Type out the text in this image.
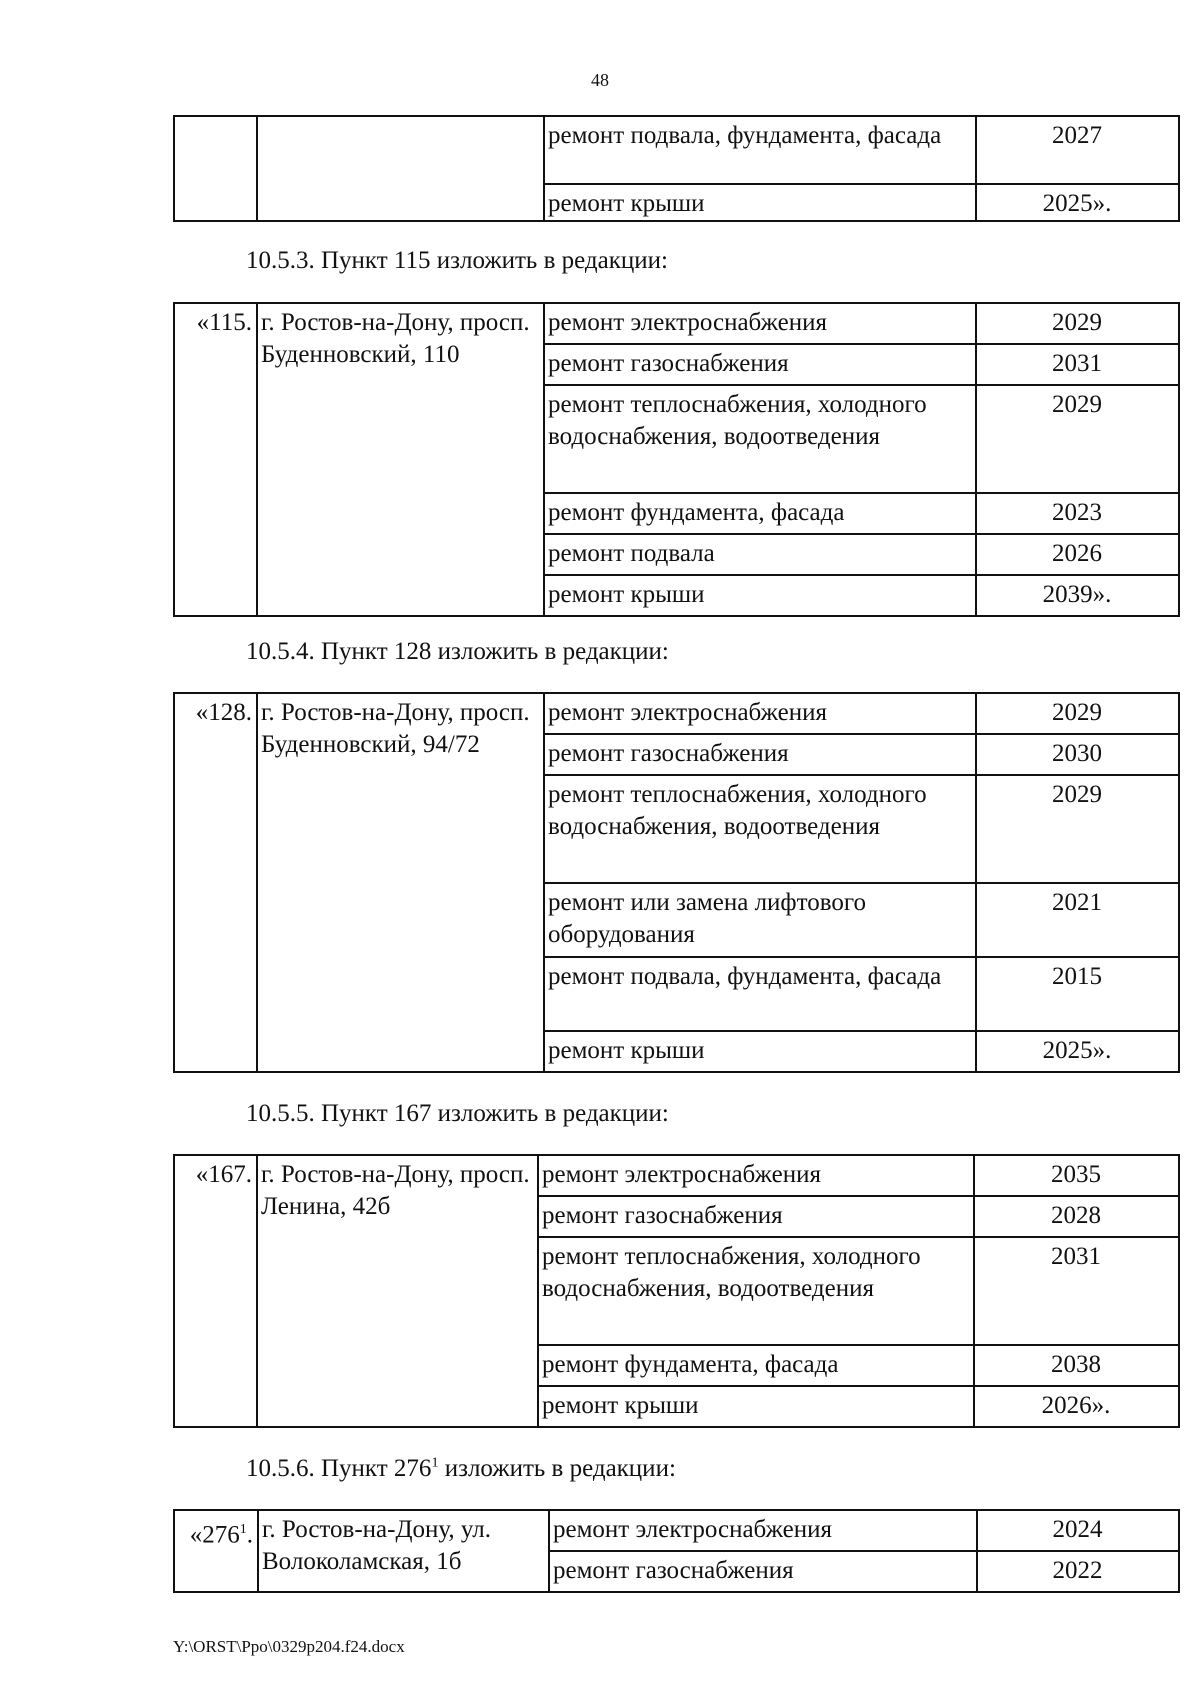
48
		ремонт подвала, фундамента, фасада	2027
		ремонт крыши	2025».
10.5.3. Пункт 115 изложить в редакции:
«115.	г. Ростов-на-Дону, просп. Буденновский, 110	ремонт электроснабжения	2029
		ремонт газоснабжения	2031
		ремонт теплоснабжения, холодного водоснабжения, водоотведения	2029
		ремонт фундамента, фасада	2023
		ремонт подвала	2026
		ремонт крыши	2039».
10.5.4. Пункт 128 изложить в редакции:
«128.	г. Ростов-на-Дону, просп. Буденновский, 94/72	ремонт электроснабжения	2029
		ремонт газоснабжения	2030
		ремонт теплоснабжения, холодного водоснабжения, водоотведения	2029
		ремонт или замена лифтового оборудования	2021
		ремонт подвала, фундамента, фасада	2015
		ремонт крыши	2025».
10.5.5. Пункт 167 изложить в редакции:
«167.	г. Ростов-на-Дону, просп. Ленина, 42б	ремонт электроснабжения	2035
		ремонт газоснабжения	2028
		ремонт теплоснабжения, холодного водоснабжения, водоотведения	2031
		ремонт фундамента, фасада	2038
		ремонт крыши	2026».
10.5.6. Пункт $276^1$ изложить в редакции:
«$276^1$.	г. Ростов-на-Дону, ул. Волоколамская, 1б	ремонт электроснабжения	2024
		ремонт газоснабжения	2022
Y:\ORST\Ppo\0329p204.f24.docx
